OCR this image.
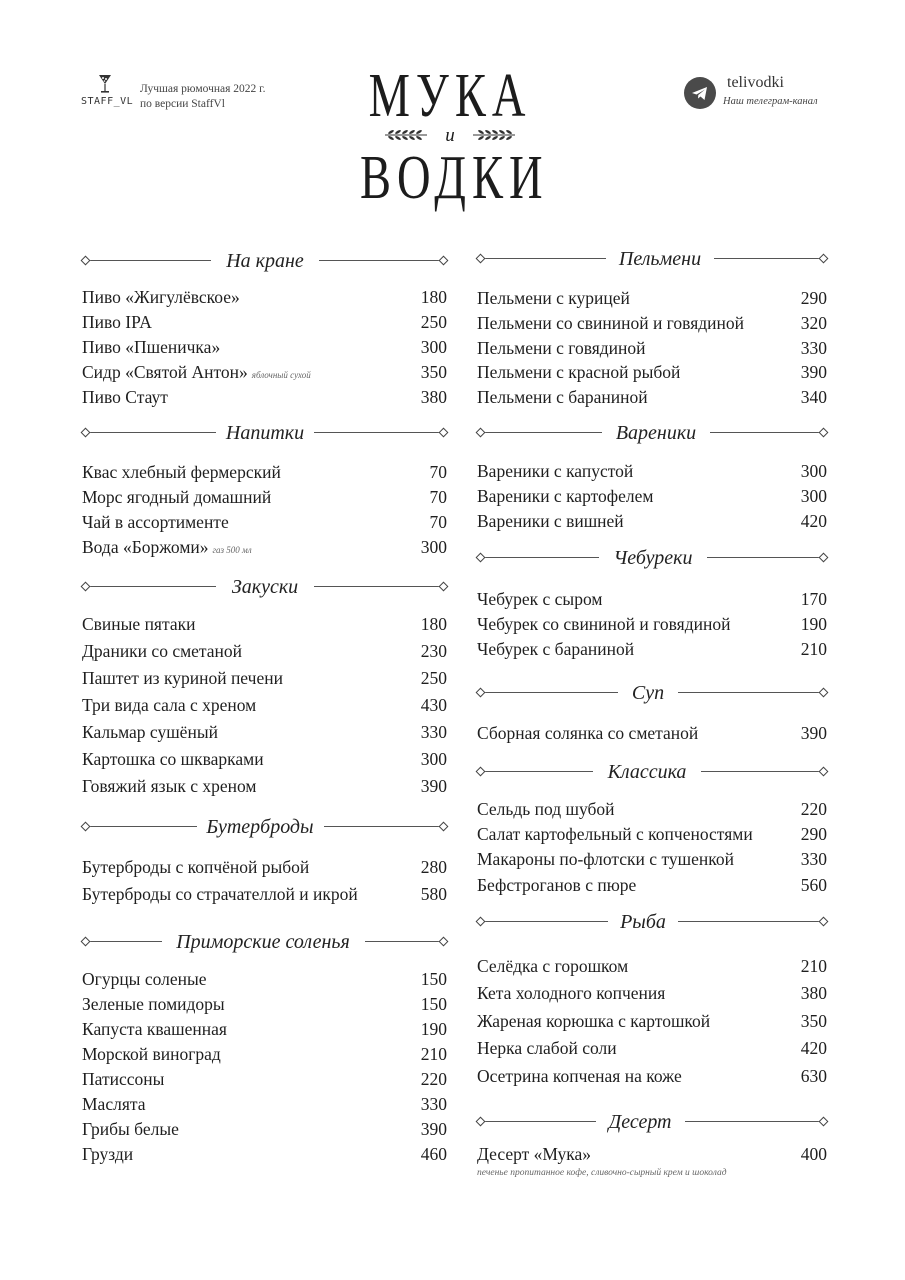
STAFF_VL
Лучшая рюмочная 2022 г.
по версии StaffVl	МУКА
и
ВОДКИ
telivodki
Наш телеграм-канал
На кране
Пиво «Жигулёвское»	180
Пиво IPA	250
Пиво «Пшеничка»	300
Сидр «Святой Антон» яблочный сухой	350
Пиво Стаут	380
Напитки
Квас хлебный фермерский	70
Морс ягодный домашний	70
Чай в ассортименте	70
Вода «Боржоми» газ 500 мл	300
Закуски
Свиные пятаки	180
Драники со сметаной	230
Паштет из куриной печени	250
Три вида сала с хреном	430
Кальмар сушёный	330
Картошка со шкварками	300
Говяжий язык с хреном	390
Бутерброды
Бутерброды с копчёной рыбой	280
Бутерброды со страчателлой и икрой	580
Приморские соленья
Огурцы соленые	150
Зеленые помидоры	150
Капуста квашенная	190
Морской виноград	210
Патиссоны	220
Маслята	330
Грибы белые	390
Грузди	460
Пельмени
Пельмени с курицей	290
Пельмени со свининой и говядиной	320
Пельмени с говядиной	330
Пельмени с красной рыбой	390
Пельмени с бараниной	340
Вареники
Вареники с капустой	300
Вареники с картофелем	300
Вареники с вишней	420
Чебуреки
Чебурек с сыром	170
Чебурек со свининой и говядиной	190
Чебурек с бараниной	210
Суп
Сборная солянка со сметаной	390
Классика
Сельдь под шубой	220
Салат картофельный с копченостями	290
Макароны по-флотски с тушенкой	330
Бефстроганов с пюре	560
Рыба
Селёдка с горошком	210
Кета холодного копчения	380
Жареная корюшка с картошкой	350
Нерка слабой соли	420
Осетрина копченая на коже	630
Десерт
Десерт «Мука»	400
печенье пропитанное кофе, сливочно-сырный крем и шоколад
